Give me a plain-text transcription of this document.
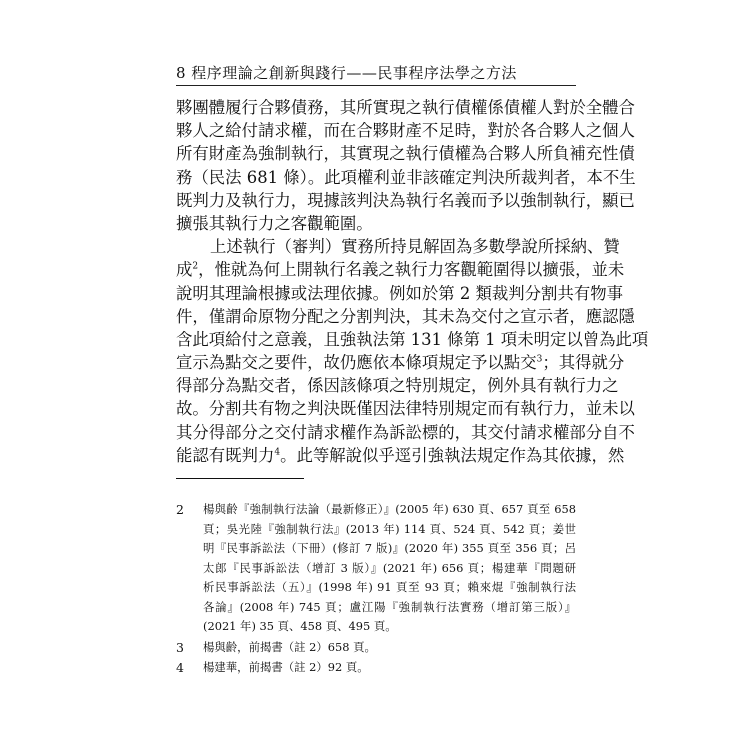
8 程序理論之創新與踐行——民事程序法學之方法
夥團體履行合夥債務，其所實現之執行債權係債權人對於全體合
夥人之給付請求權，而在合夥財產不足時，對於各合夥人之個人
所有財產為強制執行，其實現之執行債權為合夥人所負補充性債
務（民法 681 條）。此項權利並非該確定判決所裁判者，本不生
既判力及執行力，現據該判決為執行名義而予以強制執行，顯已
擴張其執行力之客觀範圍。
上述執行（審判）實務所持見解固為多數學說所採納、贊
成$^2$，惟就為何上開執行名義之執行力客觀範圍得以擴張，並未
說明其理論根據或法理依據。例如於第 2 類裁判分割共有物事
件，僅謂命原物分配之分割判決，其未為交付之宣示者，應認隱
含此項給付之意義，且強執法第 131 條第 1 項未明定以曾為此項
宣示為點交之要件，故仍應依本條項規定予以點交$^3$；其得就分
得部分為點交者，係因該條項之特別規定，例外具有執行力之
故。分割共有物之判決既僅因法律特別規定而有執行力，並未以
其分得部分之交付請求權作為訴訟標的，其交付請求權部分自不
能認有既判力$^4$。此等解說似乎逕引強執法規定作為其依據，然
2	楊與齡『強制執行法論（最新修正）』(2005 年) 630 頁、657 頁至 658
頁；吳光陸『強制執行法』(2013 年) 114 頁、524 頁、542 頁；姜世
明『民事訴訟法（下冊）(修訂 7 版)』(2020 年) 355 頁至 356 頁；呂
太郎『民事訴訟法（增訂 3 版）』(2021 年) 656 頁；楊建華『問題研
析民事訴訟法（五）』(1998 年) 91 頁至 93 頁；賴來焜『強制執行法
各論』(2008 年) 745 頁；盧江陽『強制執行法實務（增訂第三版）』
(2021 年) 35 頁、458 頁、495 頁。
3	楊與齡，前揭書（註 2）658 頁。
4	楊建華，前揭書（註 2）92 頁。
